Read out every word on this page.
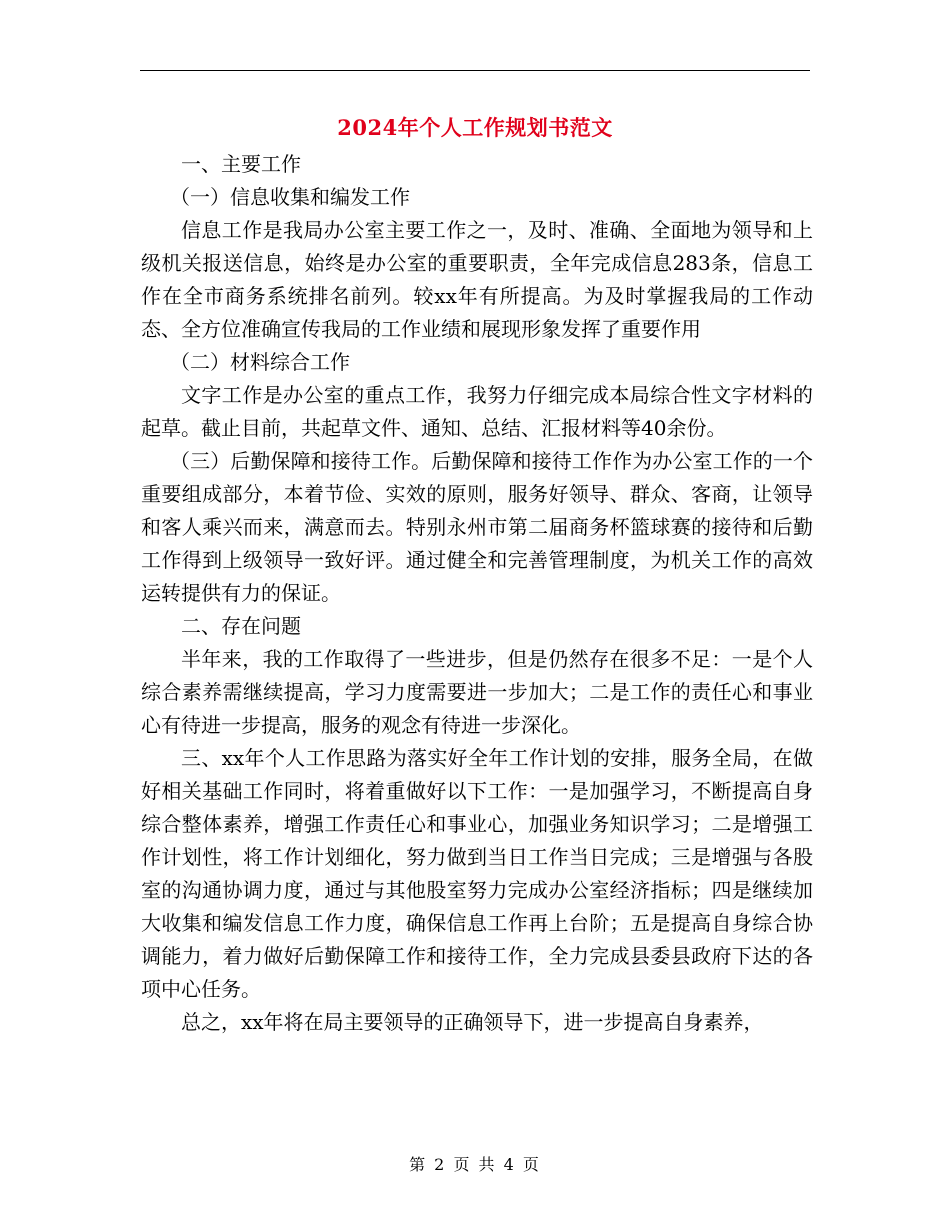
2024年个人工作规划书范文

一、主要工作

（一）信息收集和编发工作

信息工作是我局办公室主要工作之一，及时、准确、全面地为领导和上级机关报送信息，始终是办公室的重要职责，全年完成信息283条，信息工作在全市商务系统排名前列。较xx年有所提高。为及时掌握我局的工作动态、全方位准确宣传我局的工作业绩和展现形象发挥了重要作用

（二）材料综合工作

文字工作是办公室的重点工作，我努力仔细完成本局综合性文字材料的起草。截止目前，共起草文件、通知、总结、汇报材料等40余份。

（三）后勤保障和接待工作。后勤保障和接待工作作为办公室工作的一个重要组成部分，本着节俭、实效的原则，服务好领导、群众、客商，让领导和客人乘兴而来，满意而去。特别永州市第二届商务杯篮球赛的接待和后勤工作得到上级领导一致好评。通过健全和完善管理制度，为机关工作的高效运转提供有力的保证。

二、存在问题

半年来，我的工作取得了一些进步，但是仍然存在很多不足：一是个人综合素养需继续提高，学习力度需要进一步加大；二是工作的责任心和事业心有待进一步提高，服务的观念有待进一步深化。

三、xx年个人工作思路为落实好全年工作计划的安排，服务全局，在做好相关基础工作同时，将着重做好以下工作：一是加强学习，不断提高自身综合整体素养，增强工作责任心和事业心，加强业务知识学习；二是增强工作计划性，将工作计划细化，努力做到当日工作当日完成；三是增强与各股室的沟通协调力度，通过与其他股室努力完成办公室经济指标；四是继续加大收集和编发信息工作力度，确保信息工作再上台阶；五是提高自身综合协调能力，着力做好后勤保障工作和接待工作，全力完成县委县政府下达的各项中心任务。

总之，xx年将在局主要领导的正确领导下，进一步提高自身素养，

第 2 页 共 4 页
